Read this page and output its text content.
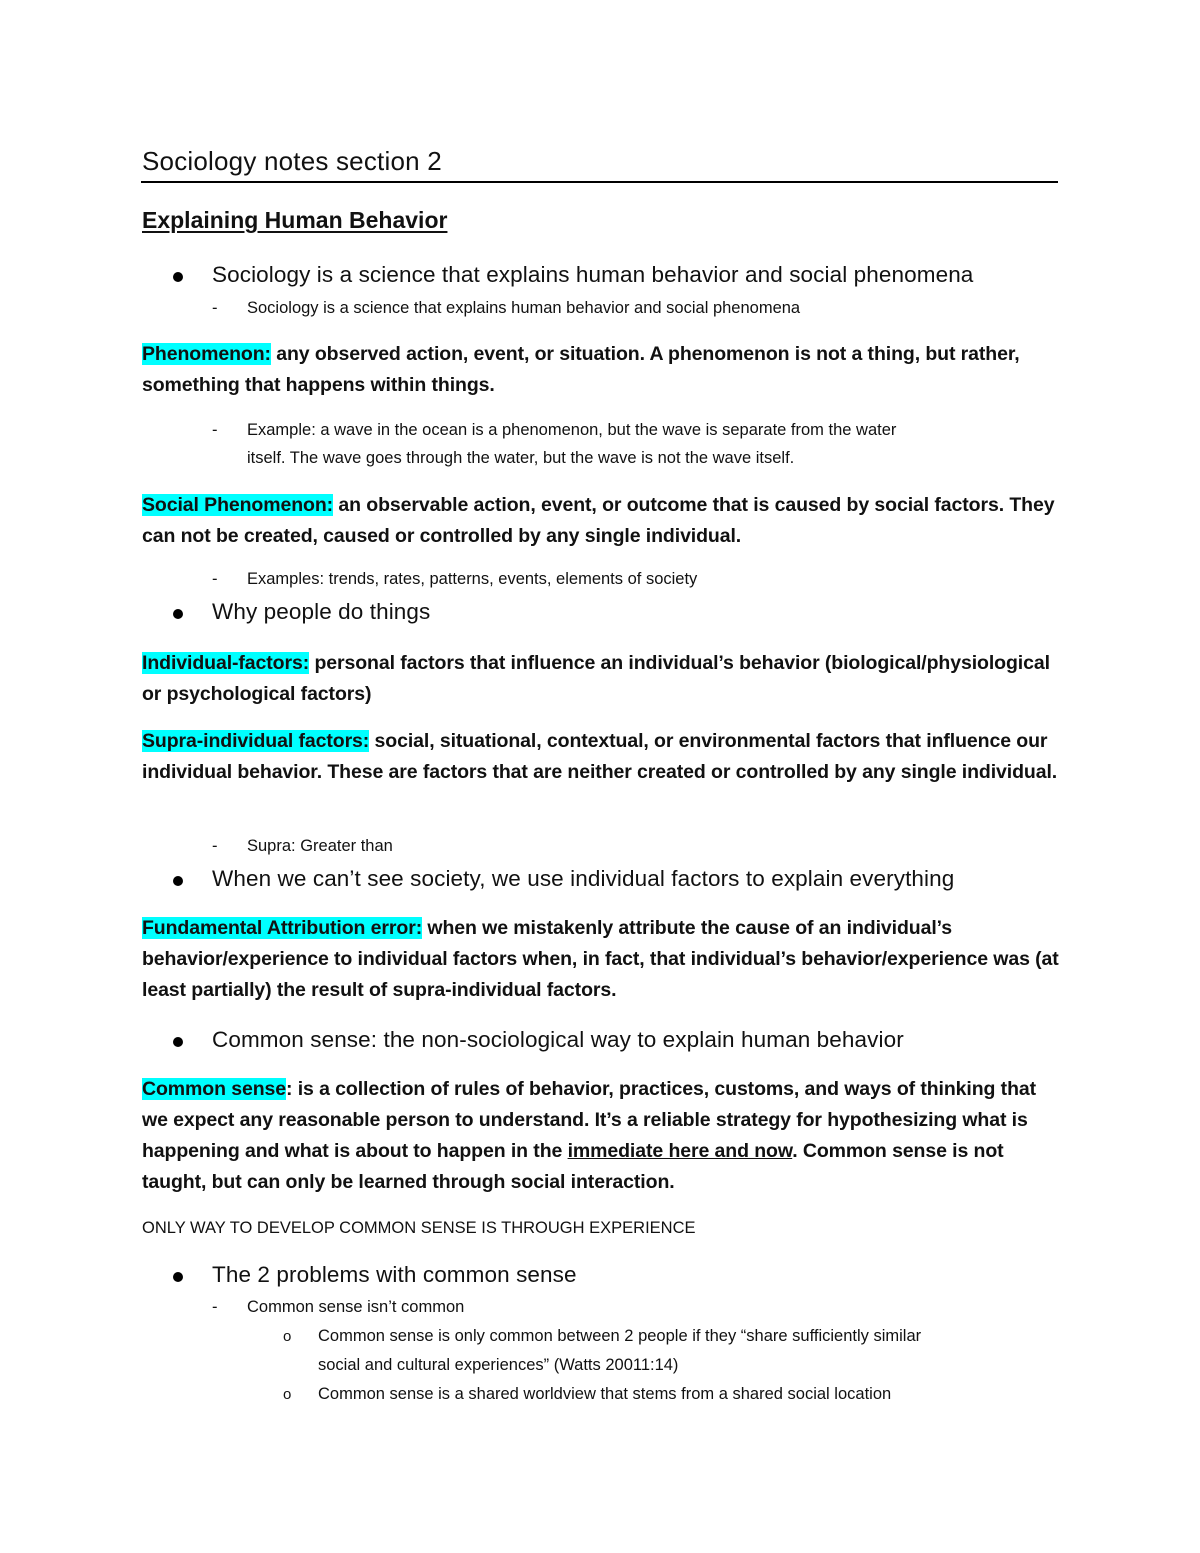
Sociology notes section 2
Explaining Human Behavior
Sociology is a science that explains human behavior and social phenomena
- Sociology is a science that explains human behavior and social phenomena
Phenomenon: any observed action, event, or situation. A phenomenon is not a thing, but rather, something that happens within things.
- Example: a wave in the ocean is a phenomenon, but the wave is separate from the water
itself. The wave goes through the water, but the wave is not the wave itself.
Social Phenomenon: an observable action, event, or outcome that is caused by social factors. They can not be created, caused or controlled by any single individual.
- Examples: trends, rates, patterns, events, elements of society
Why people do things
Individual-factors: personal factors that influence an individual’s behavior (biological/physiological or psychological factors)
Supra-individual factors: social, situational, contextual, or environmental factors that influence our individual behavior. These are factors that are neither created or controlled by any single individual.
- Supra: Greater than
When we can’t see society, we use individual factors to explain everything
Fundamental Attribution error: when we mistakenly attribute the cause of an individual’s behavior/experience to individual factors when, in fact, that individual’s behavior/experience was (at least partially) the result of supra-individual factors.
Common sense: the non-sociological way to explain human behavior
Common sense: is a collection of rules of behavior, practices, customs, and ways of thinking that we expect any reasonable person to understand. It’s a reliable strategy for hypothesizing what is happening and what is about to happen in the immediate here and now. Common sense is not taught, but can only be learned through social interaction.
ONLY WAY TO DEVELOP COMMON SENSE IS THROUGH EXPERIENCE
The 2 problems with common sense
- Common sense isn’t common
o Common sense is only common between 2 people if they “share sufficiently similar
social and cultural experiences” (Watts 20011:14)
o Common sense is a shared worldview that stems from a shared social location
